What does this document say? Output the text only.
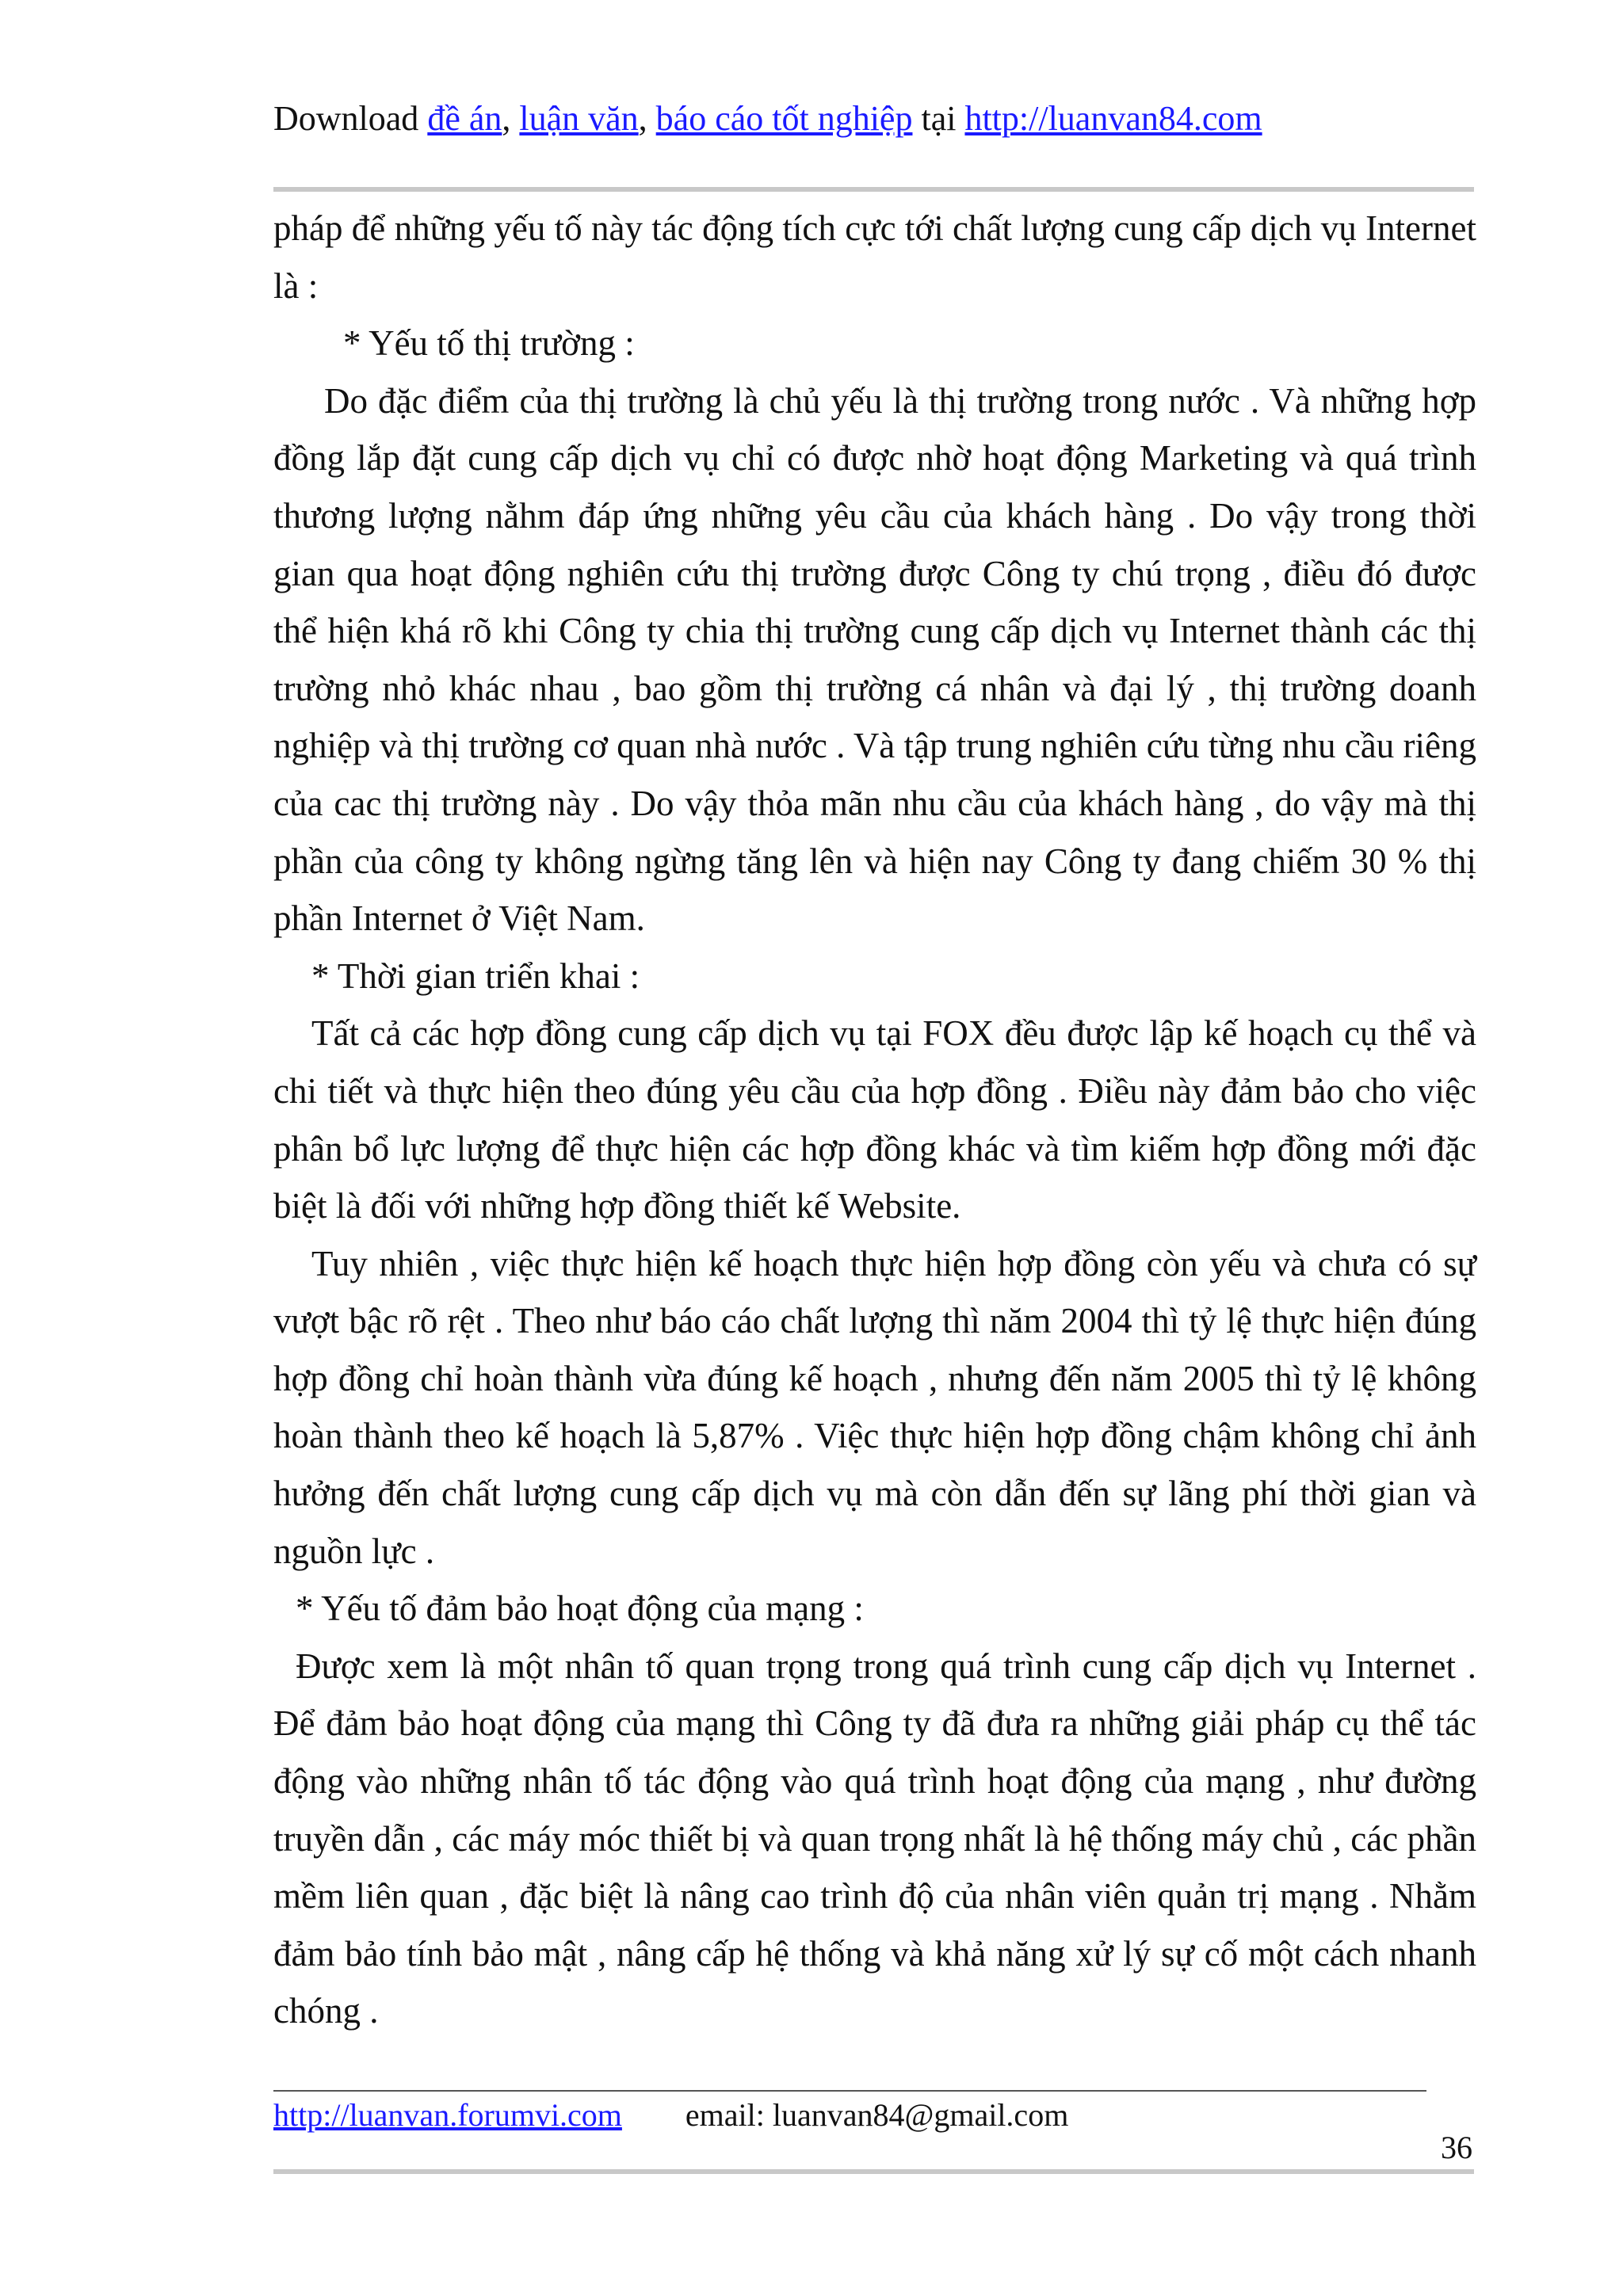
Download đề án, luận văn, báo cáo tốt nghiệp tại http://luanvan84.com

pháp để những yếu tố này tác động tích cực tới chất lượng cung cấp dịch vụ Internet là :

* Yếu tố thị trường :

Do đặc điểm của thị trường là chủ yếu là thị trường trong nước . Và những hợp đồng lắp đặt cung cấp dịch vụ chỉ có được nhờ hoạt động Marketing và quá trình thương lượng nằhm đáp ứng những yêu cầu của khách hàng . Do vậy trong thời gian qua hoạt động nghiên cứu thị trường được Công ty chú trọng , điều đó được thể hiện khá rõ khi Công ty chia thị trường cung cấp dịch vụ Internet thành các thị trường nhỏ khác nhau , bao gồm thị trường cá nhân và đại lý , thị trường doanh nghiệp và thị trường cơ quan nhà nước . Và tập trung nghiên cứu từng nhu cầu riêng của cac thị trường này . Do vậy thỏa mãn nhu cầu của khách hàng , do vậy mà thị phần của công ty không ngừng tăng lên và hiện nay Công ty đang chiếm 30 % thị phần Internet ở Việt Nam.

* Thời gian triển khai :

Tất cả các hợp đồng cung cấp dịch vụ tại FOX đều được lập kế hoạch cụ thể và chi tiết và thực hiện theo đúng yêu cầu của hợp đồng . Điều này đảm bảo cho việc phân bổ lực lượng để thực hiện các hợp đồng khác và tìm kiếm hợp đồng mới đặc biệt là đối với những hợp đồng thiết kế Website.

Tuy nhiên , việc thực hiện kế hoạch thực hiện hợp đồng còn yếu và chưa có sự vượt bậc rõ rệt . Theo như báo cáo chất lượng thì năm 2004 thì tỷ lệ thực hiện đúng hợp đồng chỉ hoàn thành vừa đúng kế hoạch , nhưng đến năm 2005 thì tỷ lệ không hoàn thành theo kế hoạch là 5,87% . Việc thực hiện hợp đồng chậm không chỉ ảnh hưởng đến chất lượng cung cấp dịch vụ mà còn dẫn đến sự lãng phí thời gian và nguồn lực .

* Yếu tố đảm bảo hoạt động của mạng :

Được xem là một nhân tố quan trọng trong quá trình cung cấp dịch vụ Internet . Để đảm bảo hoạt động của mạng thì Công ty đã đưa ra những giải pháp cụ thể tác động vào những nhân tố tác động vào quá trình hoạt động của mạng , như đường truyền dẫn , các máy móc thiết bị và quan trọng nhất là hệ thống máy chủ , các phần mềm liên quan , đặc biệt là nâng cao trình độ của nhân viên quản trị mạng . Nhằm đảm bảo tính bảo mật , nâng cấp hệ thống và khả năng xử lý sự cố một cách nhanh chóng .

http://luanvan.forumvi.com email: luanvan84@gmail.com
36
